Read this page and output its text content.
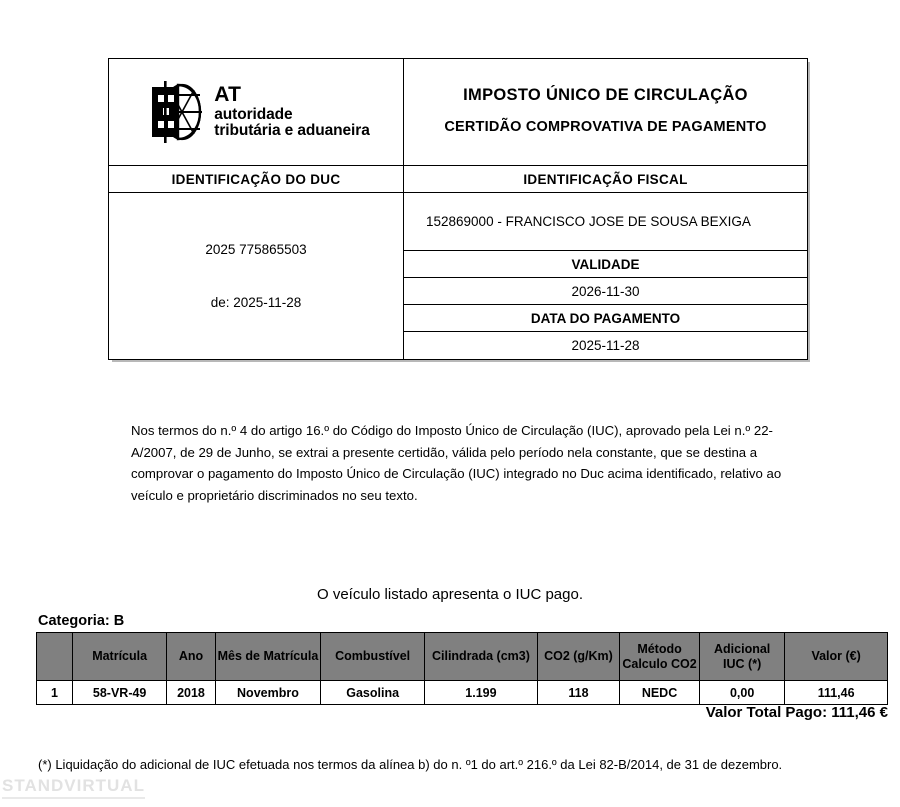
AT
autoridade
tributária e aduaneira
IDENTIFICAÇÃO DO DUC
2025 775865503
de: 2025-11-28
IMPOSTO ÚNICO DE CIRCULAÇÃO
CERTIDÃO COMPROVATIVA DE PAGAMENTO
IDENTIFICAÇÃO FISCAL
152869000 - FRANCISCO JOSE DE SOUSA BEXIGA
VALIDADE
2026-11-30
DATA DO PAGAMENTO
2025-11-28
Nos termos do n.º 4 do artigo 16.º do Código do Imposto Único de Circulação (IUC), aprovado pela Lei n.º 22-A/2007, de 29 de Junho, se extrai a presente certidão, válida pelo período nela constante, que se destina a comprovar o pagamento do Imposto Único de Circulação (IUC) integrado no Duc acima identificado, relativo ao veículo e proprietário discriminados no seu texto.
O veículo listado apresenta o IUC pago.
Categoria: B
	Matrícula	Ano	Mês de Matrícula	Combustível	Cilindrada (cm3)	CO2 (g/Km)	Método Calculo CO2	Adicional IUC (*)	Valor (€)
1	58-VR-49	2018	Novembro	Gasolina	1.199	118	NEDC	0,00	111,46
Valor Total Pago: 111,46 €
(*) Liquidação do adicional de IUC efetuada nos termos da alínea b) do n. º1 do art.º 216.º da Lei 82-B/2014, de 31 de dezembro.
STANDVIRTUAL
